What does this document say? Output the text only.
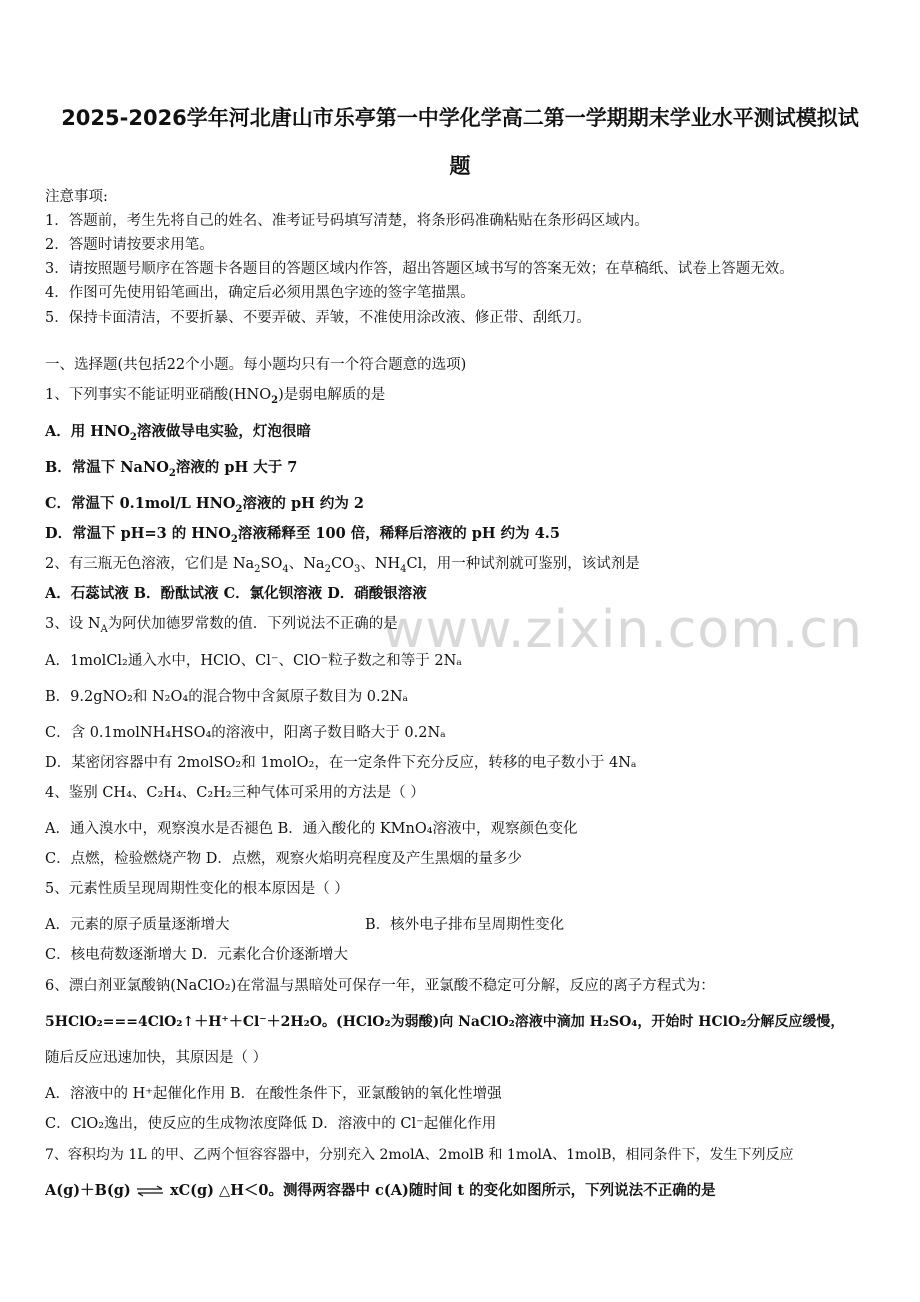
www.zixin.com.cn
2025-2026学年河北唐山市乐亭第一中学化学高二第一学期期末学业水平测试模拟试
题
注意事项:
1．答题前，考生先将自己的姓名、准考证号码填写清楚，将条形码准确粘贴在条形码区域内。
2．答题时请按要求用笔。
3．请按照题号顺序在答题卡各题目的答题区域内作答，超出答题区域书写的答案无效；在草稿纸、试卷上答题无效。
4．作图可先使用铅笔画出，确定后必须用黑色字迹的签字笔描黑。
5．保持卡面清洁，不要折暴、不要弄破、弄皱，不准使用涂改液、修正带、刮纸刀。
一、选择题(共包括22个小题。每小题均只有一个符合题意的选项)
1、下列事实不能证明亚硝酸$(HNO_2)$是弱电解质的是
A．用 $HNO_2$溶液做导电实验，灯泡很暗
B．常温下 NaNO$_2$溶液的 pH 大于 7
C．常温下 0.1mol/L $HNO_2$溶液的 pH 约为 2
D．常温下 pH=3 的 $HNO_2$溶液稀释至 100 倍，稀释后溶液的 pH 约为 4.5
2、有三瓶无色溶液，它们是 $Na_2SO_4$、$Na_2CO_3$、$NH_4Cl$，用一种试剂就可鉴别，该试剂是
A．石蕊试液 B．酚酞试液 C．氯化钡溶液 D．硝酸银溶液
3、设 $N_A$为阿伏加德罗常数的值．下列说法不正确的是
A．1molCl₂通入水中，HClO、Cl⁻、ClO⁻粒子数之和等于 2Nₐ
B．9.2gNO₂和 N₂O₄的混合物中含氮原子数目为 0.2Nₐ
C．含 0.1molNH₄HSO₄的溶液中，阳离子数目略大于 0.2Nₐ
D．某密闭容器中有 2molSO₂和 1molO₂，在一定条件下充分反应，转移的电子数小于 4Nₐ
4、鉴别 CH₄、C₂H₄、C₂H₂三种气体可采用的方法是（ ）
A．通入溴水中，观察溴水是否褪色 B．通入酸化的 KMnO₄溶液中，观察颜色变化
C．点燃，检验燃烧产物 D．点燃，观察火焰明亮程度及产生黑烟的量多少
5、元素性质呈现周期性变化的根本原因是（ ）
A．元素的原子质量逐渐增大	B．核外电子排布呈周期性变化
C．核电荷数逐渐增大 D．元素化合价逐渐增大
6、漂白剂亚氯酸钠(NaClO₂)在常温与黑暗处可保存一年，亚氯酸不稳定可分解，反应的离子方程式为：
5HClO₂===4ClO₂↑＋H⁺＋Cl⁻＋2H₂O。(HClO₂为弱酸)向 NaClO₂溶液中滴加 H₂SO₄，开始时 HClO₂分解反应缓慢，
随后反应迅速加快，其原因是（ ）
A．溶液中的 H⁺起催化作用 B．在酸性条件下，亚氯酸钠的氧化性增强
C．ClO₂逸出，使反应的生成物浓度降低 D．溶液中的 Cl⁻起催化作用
7、容积均为 1L 的甲、乙两个恒容容器中，分别充入 2molA、2molB 和 1molA、1molB，相同条件下，发生下列反应
A(g)＋B(g) ⇌ xC(g) △H＜0。测得两容器中 c(A)随时间 t 的变化如图所示，下列说法不正确的是
